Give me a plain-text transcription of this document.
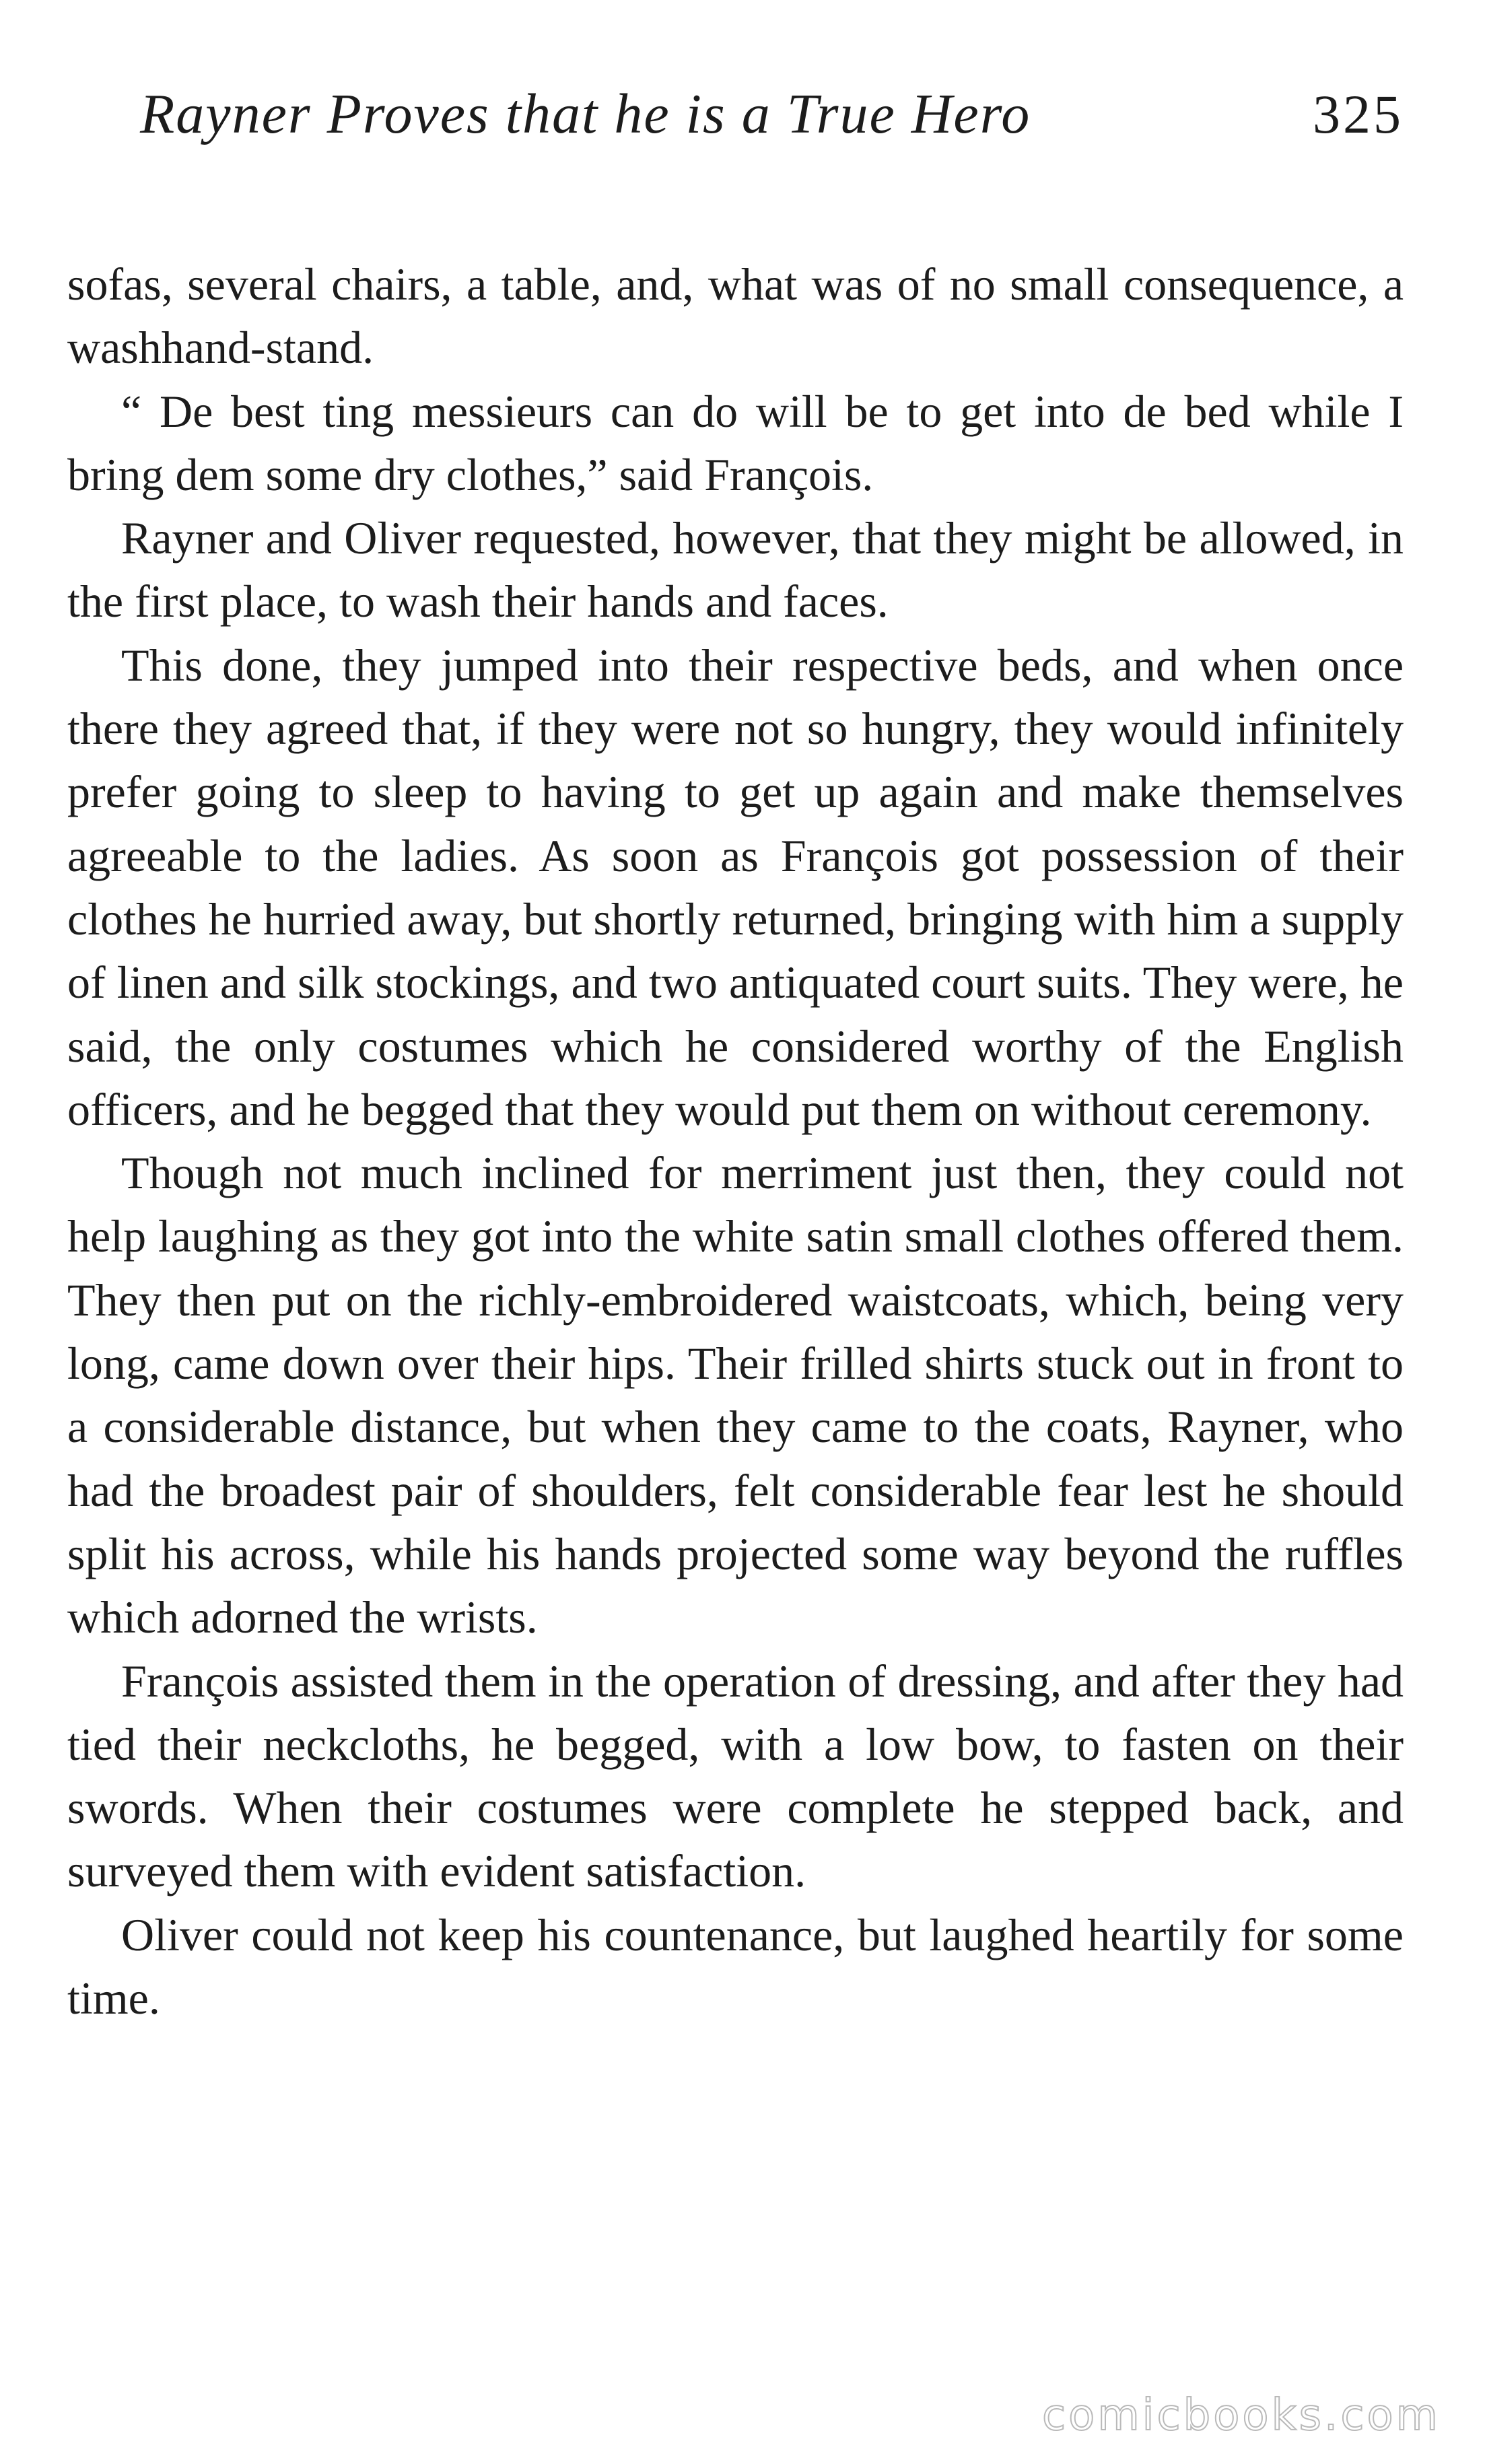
Rayner Proves that he is a True Hero	325

sofas, several chairs, a table, and, what was of no small consequence, a washhand-stand.

“ De best ting messieurs can do will be to get into de bed while I bring dem some dry clothes,” said François.

Rayner and Oliver requested, however, that they might be allowed, in the first place, to wash their hands and faces.

This done, they jumped into their respective beds, and when once there they agreed that, if they were not so hungry, they would infinitely prefer going to sleep to having to get up again and make themselves agreeable to the ladies. As soon as François got possession of their clothes he hurried away, but shortly returned, bringing with him a supply of linen and silk stockings, and two antiquated court suits. They were, he said, the only costumes which he considered worthy of the English officers, and he begged that they would put them on without ceremony.

Though not much inclined for merriment just then, they could not help laughing as they got into the white satin small clothes offered them. They then put on the richly-embroidered waistcoats, which, being very long, came down over their hips. Their frilled shirts stuck out in front to a considerable distance, but when they came to the coats, Rayner, who had the broadest pair of shoulders, felt considerable fear lest he should split his across, while his hands projected some way beyond the ruffles which adorned the wrists.

François assisted them in the operation of dressing, and after they had tied their neckcloths, he begged, with a low bow, to fasten on their swords. When their costumes were complete he stepped back, and surveyed them with evident satisfaction.

Oliver could not keep his countenance, but laughed heartily for some time.

comicbooks.com
